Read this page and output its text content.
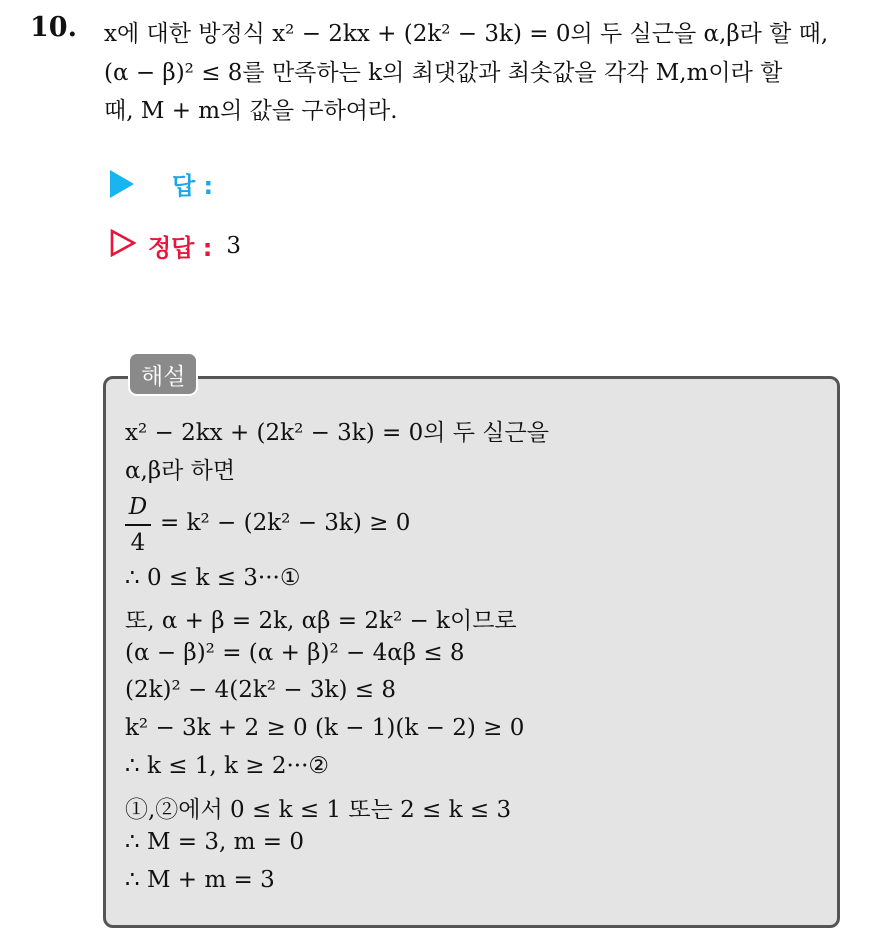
10. x에 대한 방정식 x² − 2kx + (2k² − 3k) = 0의 두 실근을 α,β라 할 때,
(α − β)² ≤ 8를 만족하는 k의 최댓값과 최솟값을 각각 M,m이라 할
때, M + m의 값을 구하여라.
답 :
정답 : 3
해설
x² − 2kx + (2k² − 3k) = 0의 두 실근을
α,β라 하면
D
4
= k² − (2k² − 3k) ≥ 0
∴ 0 ≤ k ≤ 3···①
또, α + β = 2k, αβ = 2k² − k이므로
(α − β)² = (α + β)² − 4αβ ≤ 8
(2k)² − 4(2k² − 3k) ≤ 8
k² − 3k + 2 ≥ 0 (k − 1)(k − 2) ≥ 0
∴ k ≤ 1, k ≥ 2···②
①,②에서 0 ≤ k ≤ 1 또는 2 ≤ k ≤ 3
∴ M = 3, m = 0
∴ M + m = 3
